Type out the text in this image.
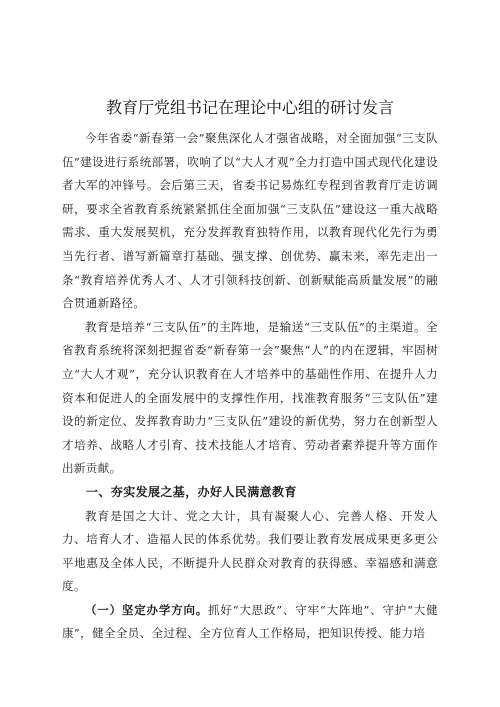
教育厅党组书记在理论中心组的研讨发言

今年省委“新春第一会”聚焦深化人才强省战略，对全面加强“三支队伍”建设进行系统部署，吹响了以“大人才观”全力打造中国式现代化建设者大军的冲锋号。会后第三天，省委书记易炼红专程到省教育厅走访调研，要求全省教育系统紧紧抓住全面加强“三支队伍”建设这一重大战略需求、重大发展契机，充分发挥教育独特作用，以教育现代化先行为勇当先行者、谱写新篇章打基础、强支撑、创优势、赢未来，率先走出一条“教育培养优秀人才、人才引领科技创新、创新赋能高质量发展”的融合贯通新路径。

教育是培养“三支队伍”的主阵地，是输送“三支队伍”的主渠道。全省教育系统将深刻把握省委“新春第一会”聚焦“人”的内在逻辑，牢固树立“大人才观”，充分认识教育在人才培养中的基础性作用、在提升人力资本和促进人的全面发展中的支撑性作用，找准教育服务“三支队伍”建设的新定位、发挥教育助力“三支队伍”建设的新优势，努力在创新型人才培养、战略人才引育、技术技能人才培育、劳动者素养提升等方面作出新贡献。

一、夯实发展之基，办好人民满意教育

教育是国之大计、党之大计，具有凝聚人心、完善人格、开发人力、培育人才、造福人民的体系优势。我们要让教育发展成果更多更公平地惠及全体人民，不断提升人民群众对教育的获得感、幸福感和满意度。

（一）坚定办学方向。抓好“大思政”、守牢“大阵地”、守护“大健康”，健全全员、全过程、全方位育人工作格局，把知识传授、能力培
